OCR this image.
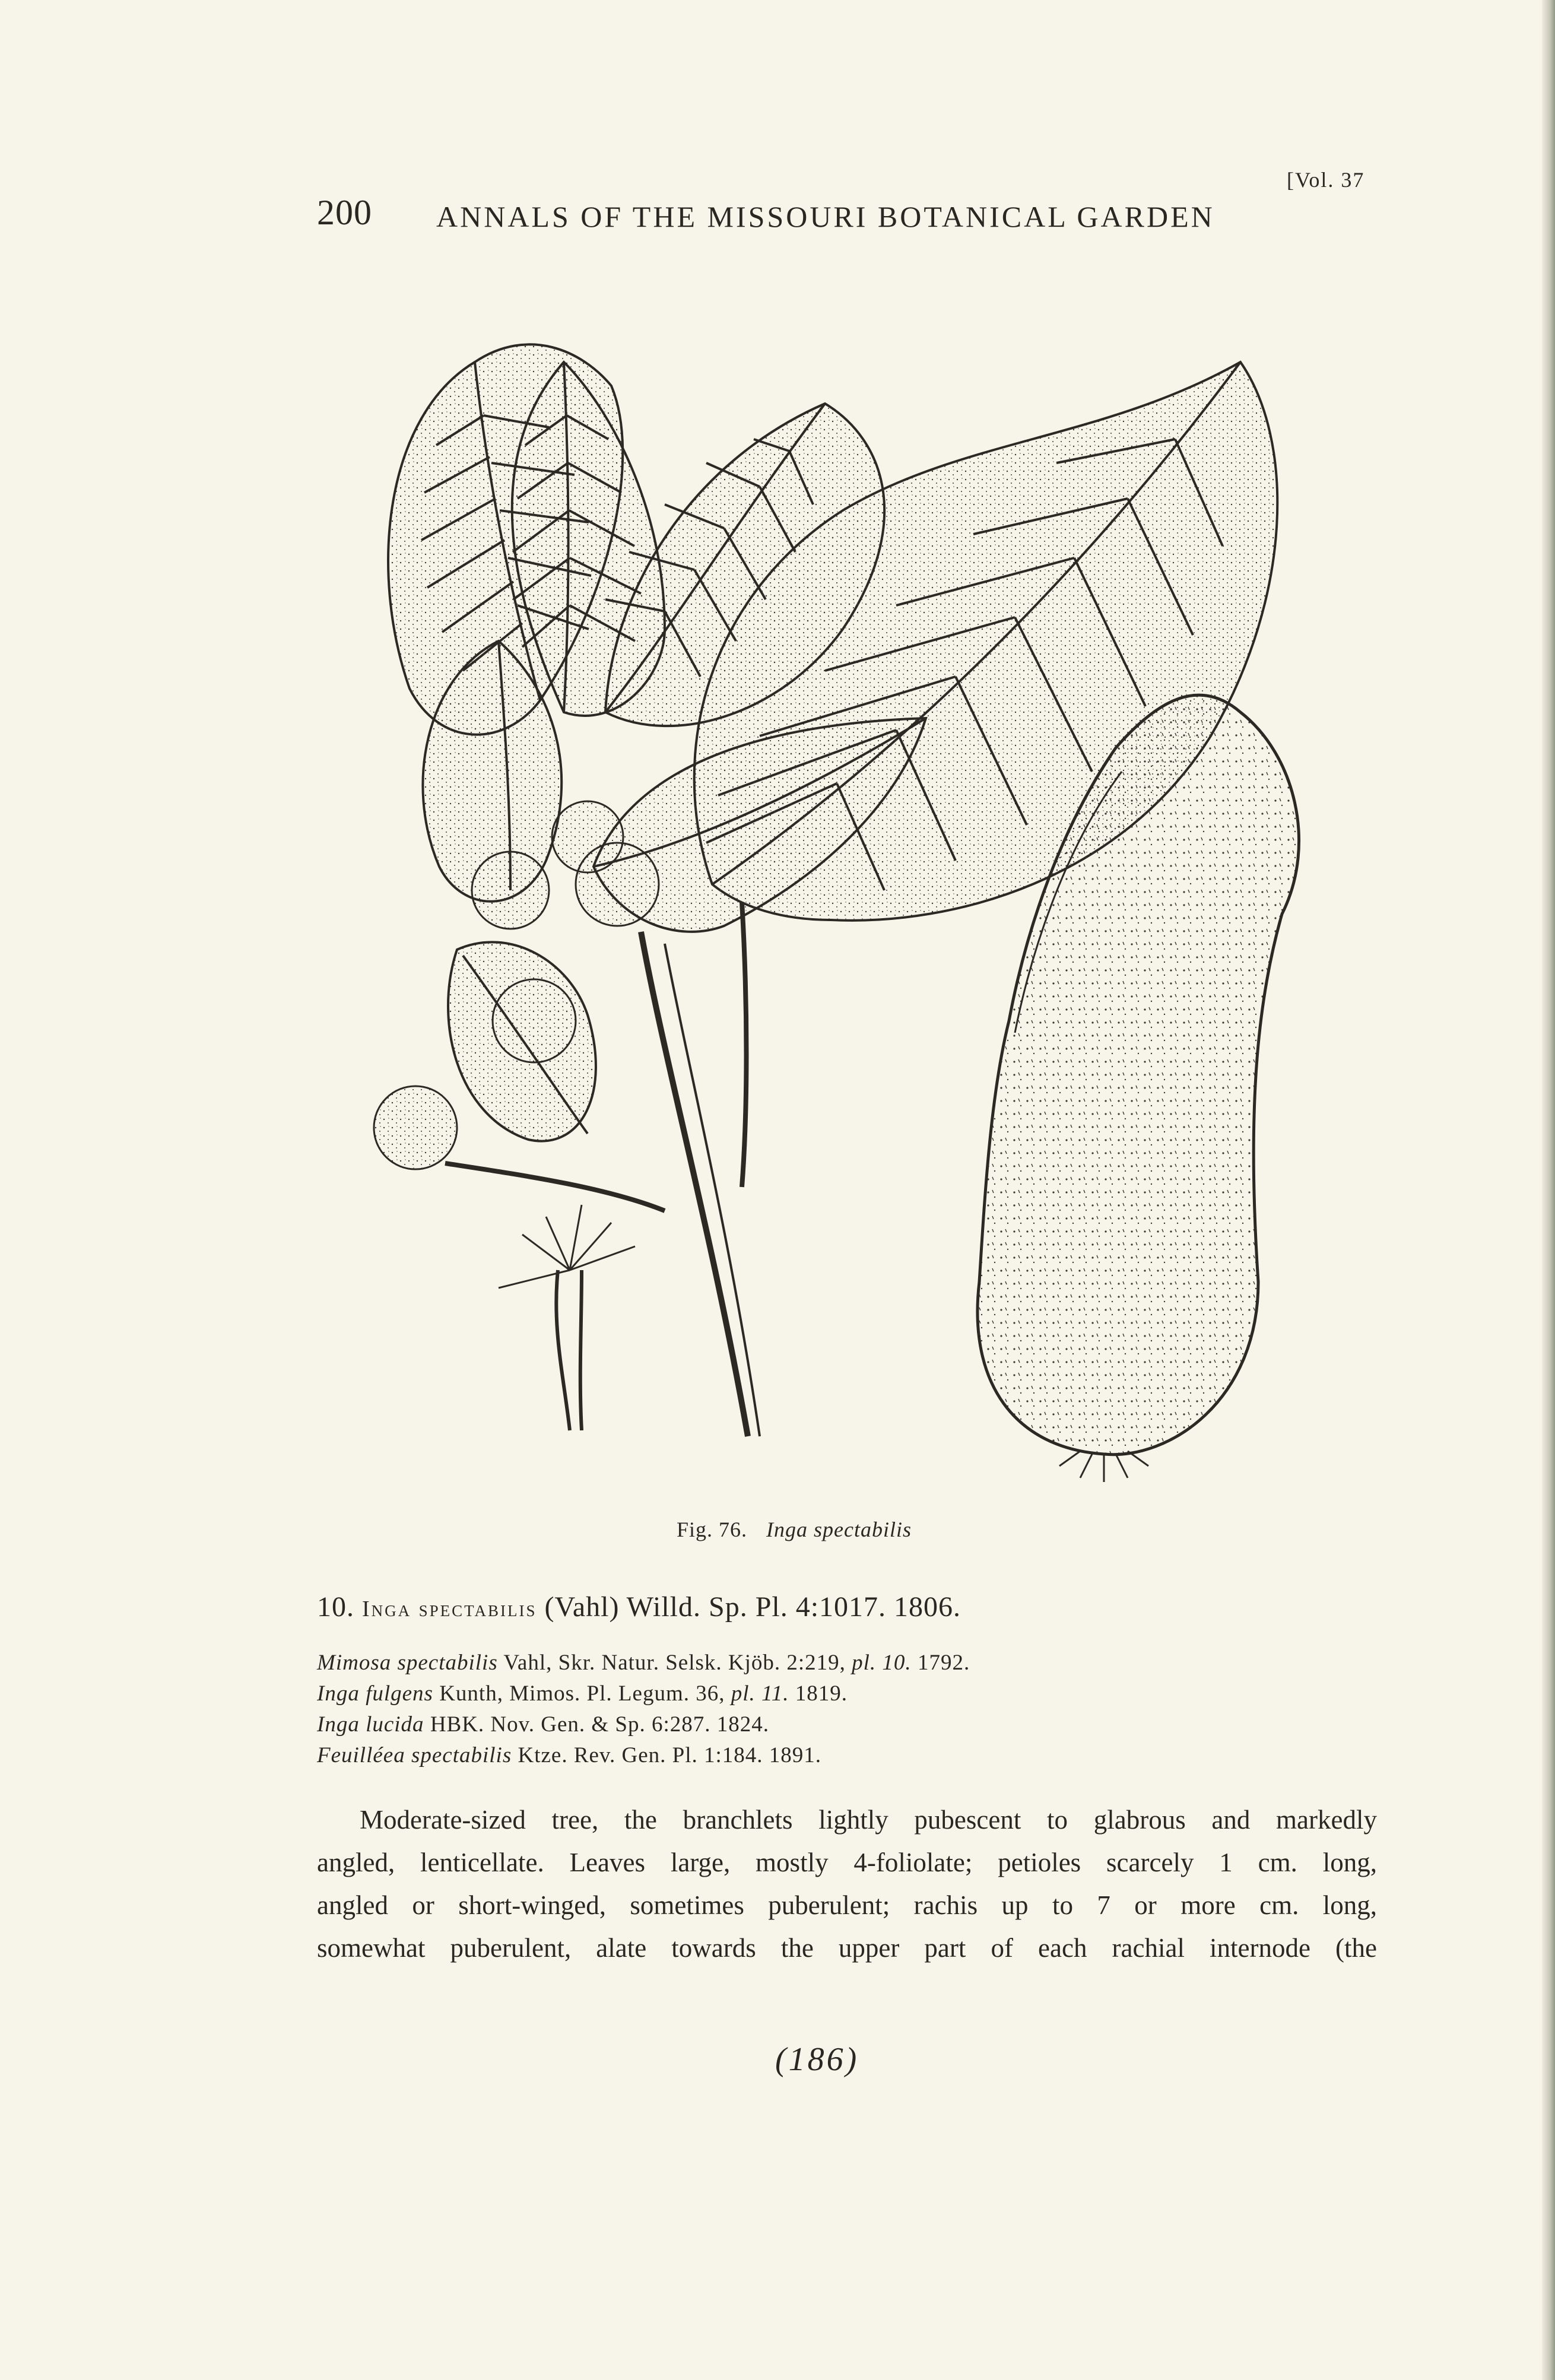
200 ANNALS OF THE MISSOURI BOTANICAL GARDEN
[Vol. 37
Fig. 76. Inga spectabilis
10. Inga spectabilis (Vahl) Willd. Sp. Pl. 4:1017. 1806.
Mimosa spectabilis Vahl, Skr. Natur. Selsk. Kjöb. 2:219, pl. 10. 1792.
Inga fulgens Kunth, Mimos. Pl. Legum. 36, pl. 11. 1819.
Inga lucida HBK. Nov. Gen. & Sp. 6:287. 1824.
Feuilléea spectabilis Ktze. Rev. Gen. Pl. 1:184. 1891.
Moderate-sized tree, the branchlets lightly pubescent to glabrous and markedly
angled, lenticellate. Leaves large, mostly 4-foliolate; petioles scarcely 1 cm. long,
angled or short-winged, sometimes puberulent; rachis up to 7 or more cm. long,
somewhat puberulent, alate towards the upper part of each rachial internode (the
(186)
